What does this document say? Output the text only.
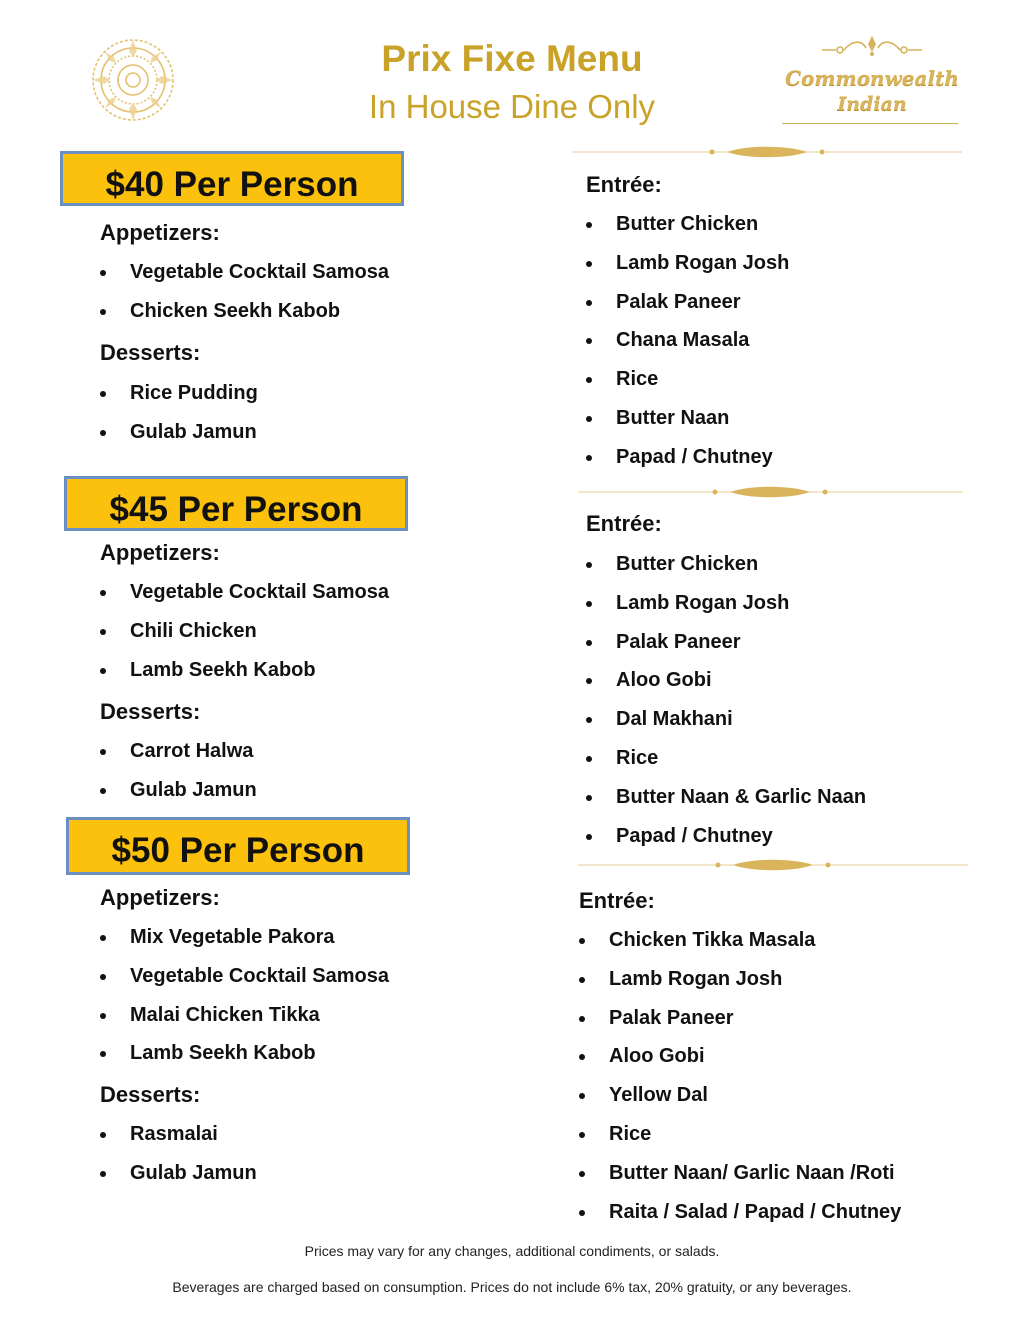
Prix Fixe Menu
In House Dine Only
Commonwealth
Indian
$40 Per Person
Appetizers:
Vegetable Cocktail Samosa
Chicken Seekh Kabob
Desserts:
Rice Pudding
Gulab Jamun
Entrée:
Butter Chicken
Lamb Rogan Josh
Palak Paneer
Chana Masala
Rice
Butter Naan
Papad / Chutney
$45 Per Person
Appetizers:
Vegetable Cocktail Samosa
Chili Chicken
Lamb Seekh Kabob
Desserts:
Carrot Halwa
Gulab Jamun
Entrée:
Butter Chicken
Lamb Rogan Josh
Palak Paneer
Aloo Gobi
Dal Makhani
Rice
Butter Naan & Garlic Naan
Papad / Chutney
$50 Per Person
Appetizers:
Mix Vegetable Pakora
Vegetable Cocktail Samosa
Malai Chicken Tikka
Lamb Seekh Kabob
Desserts:
Rasmalai
Gulab Jamun
Entrée:
Chicken Tikka Masala
Lamb Rogan Josh
Palak Paneer
Aloo Gobi
Yellow Dal
Rice
Butter Naan/ Garlic Naan /Roti
Raita / Salad / Papad / Chutney
Prices may vary for any changes, additional condiments, or salads.
Beverages are charged based on consumption. Prices do not include 6% tax, 20% gratuity, or any beverages.
